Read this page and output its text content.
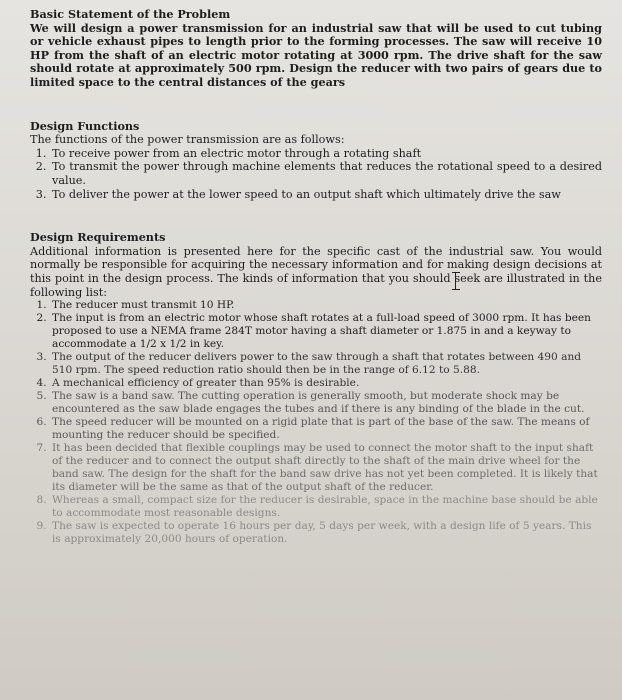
Basic Statement of the Problem
We will design a power transmission for an industrial saw that will be used to cut tubing or vehicle exhaust pipes to length prior to the forming processes. The saw will receive 10 HP from the shaft of an electric motor rotating at 3000 rpm. The drive shaft for the saw should rotate at approximately 500 rpm. Design the reducer with two pairs of gears due to limited space to the central distances of the gears
Design Functions
The functions of the power transmission are as follows:
1. To receive power from an electric motor through a rotating shaft
2. To transmit the power through machine elements that reduces the rotational speed to a desired value.
3. To deliver the power at the lower speed to an output shaft which ultimately drive the saw
Design Requirements
Additional information is presented here for the specific cast of the industrial saw. You would normally be responsible for acquiring the necessary information and for making design decisions at this point in the design process. The kinds of information that you should seek are illustrated in the following list:
1. The reducer must transmit 10 HP.
2. The input is from an electric motor whose shaft rotates at a full-load speed of 3000 rpm. It has been proposed to use a NEMA frame 284T motor having a shaft diameter or 1.875 in and a keyway to accommodate a 1/2 x 1/2 in key.
3. The output of the reducer delivers power to the saw through a shaft that rotates between 490 and 510 rpm. The speed reduction ratio should then be in the range of 6.12 to 5.88.
4. A mechanical efficiency of greater than 95% is desirable.
5. The saw is a band saw. The cutting operation is generally smooth, but moderate shock may be encountered as the saw blade engages the tubes and if there is any binding of the blade in the cut.
6. The speed reducer will be mounted on a rigid plate that is part of the base of the saw. The means of mounting the reducer should be specified.
7. It has been decided that flexible couplings may be used to connect the motor shaft to the input shaft of the reducer and to connect the output shaft directly to the shaft of the main drive wheel for the band saw. The design for the shaft for the band saw drive has not yet been completed. It is likely that its diameter will be the same as that of the output shaft of the reducer.
8. Whereas a small, compact size for the reducer is desirable, space in the machine base should be able to accommodate most reasonable designs.
9. The saw is expected to operate 16 hours per day, 5 days per week, with a design life of 5 years. This is approximately 20,000 hours of operation.
